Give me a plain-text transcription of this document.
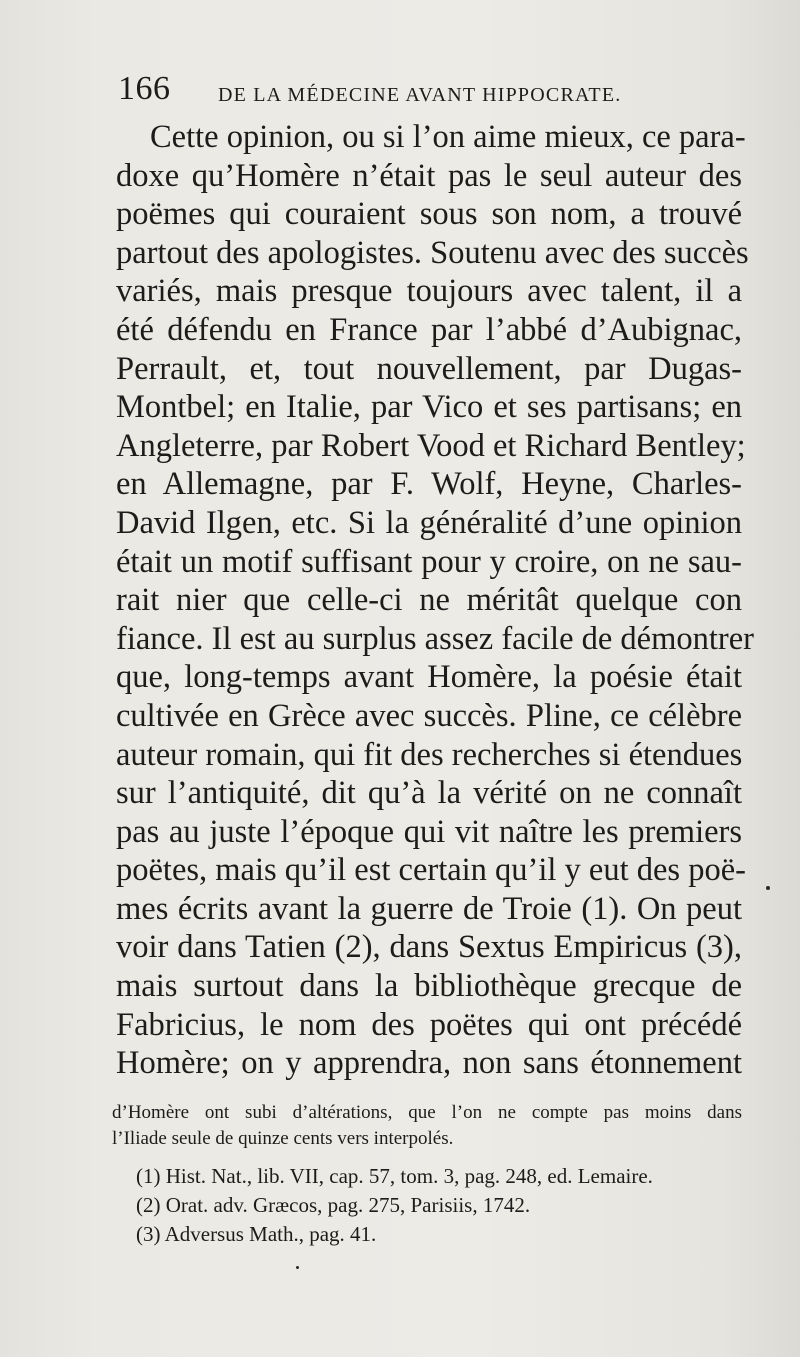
166 DE LA MÉDECINE AVANT HIPPOCRATE.
Cette opinion, ou si l’on aime mieux, ce para-
doxe qu’Homère n’était pas le seul auteur des
poëmes qui couraient sous son nom, a trouvé
partout des apologistes. Soutenu avec des succès
variés, mais presque toujours avec talent, il a
été défendu en France par l’abbé d’Aubignac,
Perrault, et, tout nouvellement, par Dugas-
Montbel; en Italie, par Vico et ses partisans; en
Angleterre, par Robert Vood et Richard Bentley;
en Allemagne, par F. Wolf, Heyne, Charles-
David Ilgen, etc. Si la généralité d’une opinion
était un motif suffisant pour y croire, on ne sau-
rait nier que celle-ci ne méritât quelque con
fiance. Il est au surplus assez facile de démontrer
que, long-temps avant Homère, la poésie était
cultivée en Grèce avec succès. Pline, ce célèbre
auteur romain, qui fit des recherches si étendues
sur l’antiquité, dit qu’à la vérité on ne connaît
pas au juste l’époque qui vit naître les premiers
poëtes, mais qu’il est certain qu’il y eut des poë-
mes écrits avant la guerre de Troie (1). On peut
voir dans Tatien (2), dans Sextus Empiricus (3),
mais surtout dans la bibliothèque grecque de
Fabricius, le nom des poëtes qui ont précédé
Homère; on y apprendra, non sans étonnement
d’Homère ont subi d’altérations, que l’on ne compte pas moins dans
l’Iliade seule de quinze cents vers interpolés.
(1) Hist. Nat., lib. VII, cap. 57, tom. 3, pag. 248, ed. Lemaire.
(2) Orat. adv. Græcos, pag. 275, Parisiis, 1742.
(3) Adversus Math., pag. 41.
